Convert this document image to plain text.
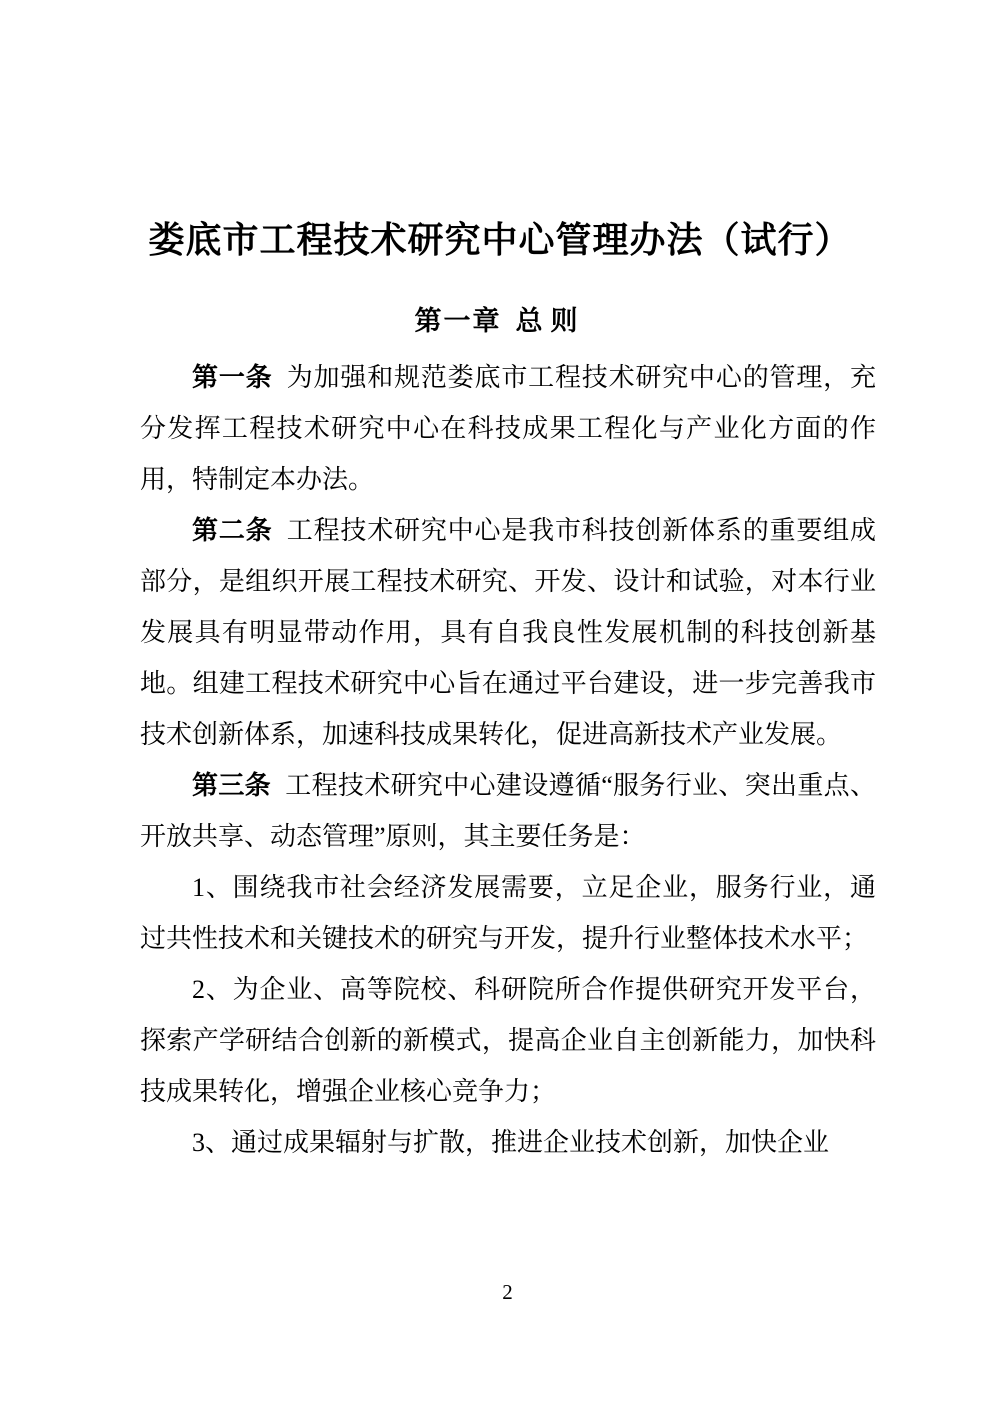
娄底市工程技术研究中心管理办法（试行）
第一章 总则

第一条 为加强和规范娄底市工程技术研究中心的管理，充分发挥工程技术研究中心在科技成果工程化与产业化方面的作用，特制定本办法。

第二条 工程技术研究中心是我市科技创新体系的重要组成部分，是组织开展工程技术研究、开发、设计和试验，对本行业发展具有明显带动作用，具有自我良性发展机制的科技创新基地。组建工程技术研究中心旨在通过平台建设，进一步完善我市技术创新体系，加速科技成果转化，促进高新技术产业发展。

第三条 工程技术研究中心建设遵循“服务行业、突出重点、开放共享、动态管理”原则，其主要任务是：

1、围绕我市社会经济发展需要，立足企业，服务行业，通过共性技术和关键技术的研究与开发，提升行业整体技术水平；

2、为企业、高等院校、科研院所合作提供研究开发平台，探索产学研结合创新的新模式，提高企业自主创新能力，加快科技成果转化，增强企业核心竞争力；

3、通过成果辐射与扩散，推进企业技术创新，加快企业

2
